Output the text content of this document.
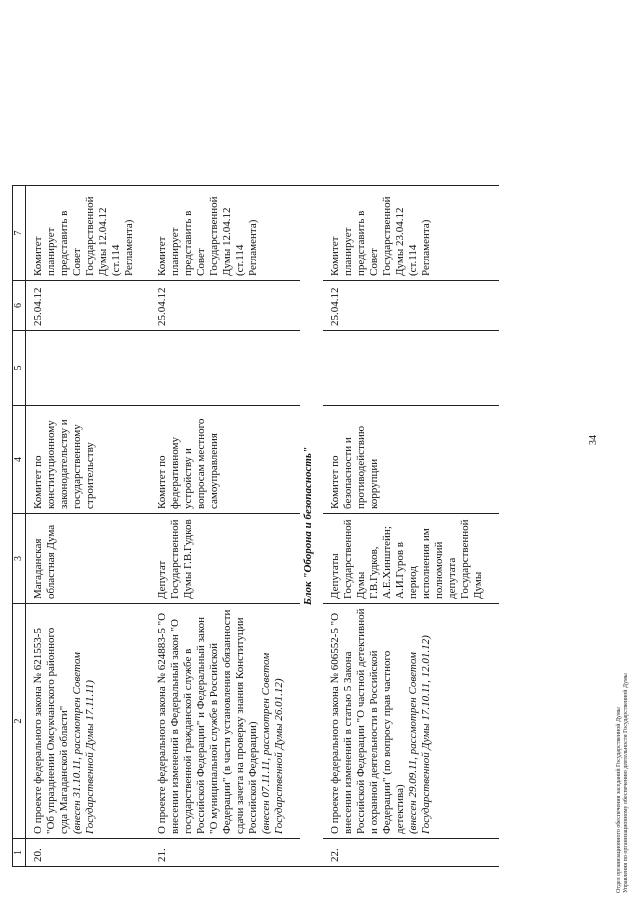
34
1	2	3	4	5	6	7
20.	О проекте федерального закона № 621553-5 "Об упразднении Омсукчанского районного суда Магаданской области" (внесен 31.10.11, рассмотрен Советом Государственной Думы 17.11.11)	Магаданская областная Дума	Комитет по конституционному законодательству и государственному строительству		25.04.12	Комитет планирует представить в Совет Государственной Думы 12.04.12 (ст.114 Регламента)
21.	О проекте федерального закона № 624883-5 "О внесении изменений в Федеральный закон "О государственной гражданской службе в Российской Федерации" и Федеральный закон "О муниципальной службе в Российской Федерации" (в части установления обязанности сдачи зачета на проверку знания Конституции Российской Федерации) (внесен 07.11.11, рассмотрен Советом Государственной Думы 26.01.12)	Депутат Государственной Думы Г.В.Гудков	Комитет по федеративному устройству и вопросам местного самоуправления		25.04.12	Комитет планирует представить в Совет Государственной Думы 12.04.12 (ст.114 Регламента)
Блок "Оборона и безопасность"						
22.	О проекте федерального закона № 606552-5 "О внесении изменений в статью 5 Закона Российской Федерации "О частной детективной и охранной деятельности в Российской Федерации" (по вопросу прав частного детектива) (внесен 29.09.11, рассмотрен Советом Государственной Думы 17.10.11, 12.01.12)	Депутаты Государственной Думы Г.В.Гудков, А.Е.Хинштейн; А.И.Гуров в период исполнения им полномочий депутата Государственной Думы	Комитет по безопасности и противодействию коррупции		25.04.12	Комитет планирует представить в Совет Государственной Думы 23.04.12 (ст.114 Регламента)
Отдел организационного обеспечения заседаний Государственной Думы Управления по организационному обеспечению деятельности Государственной Думы
